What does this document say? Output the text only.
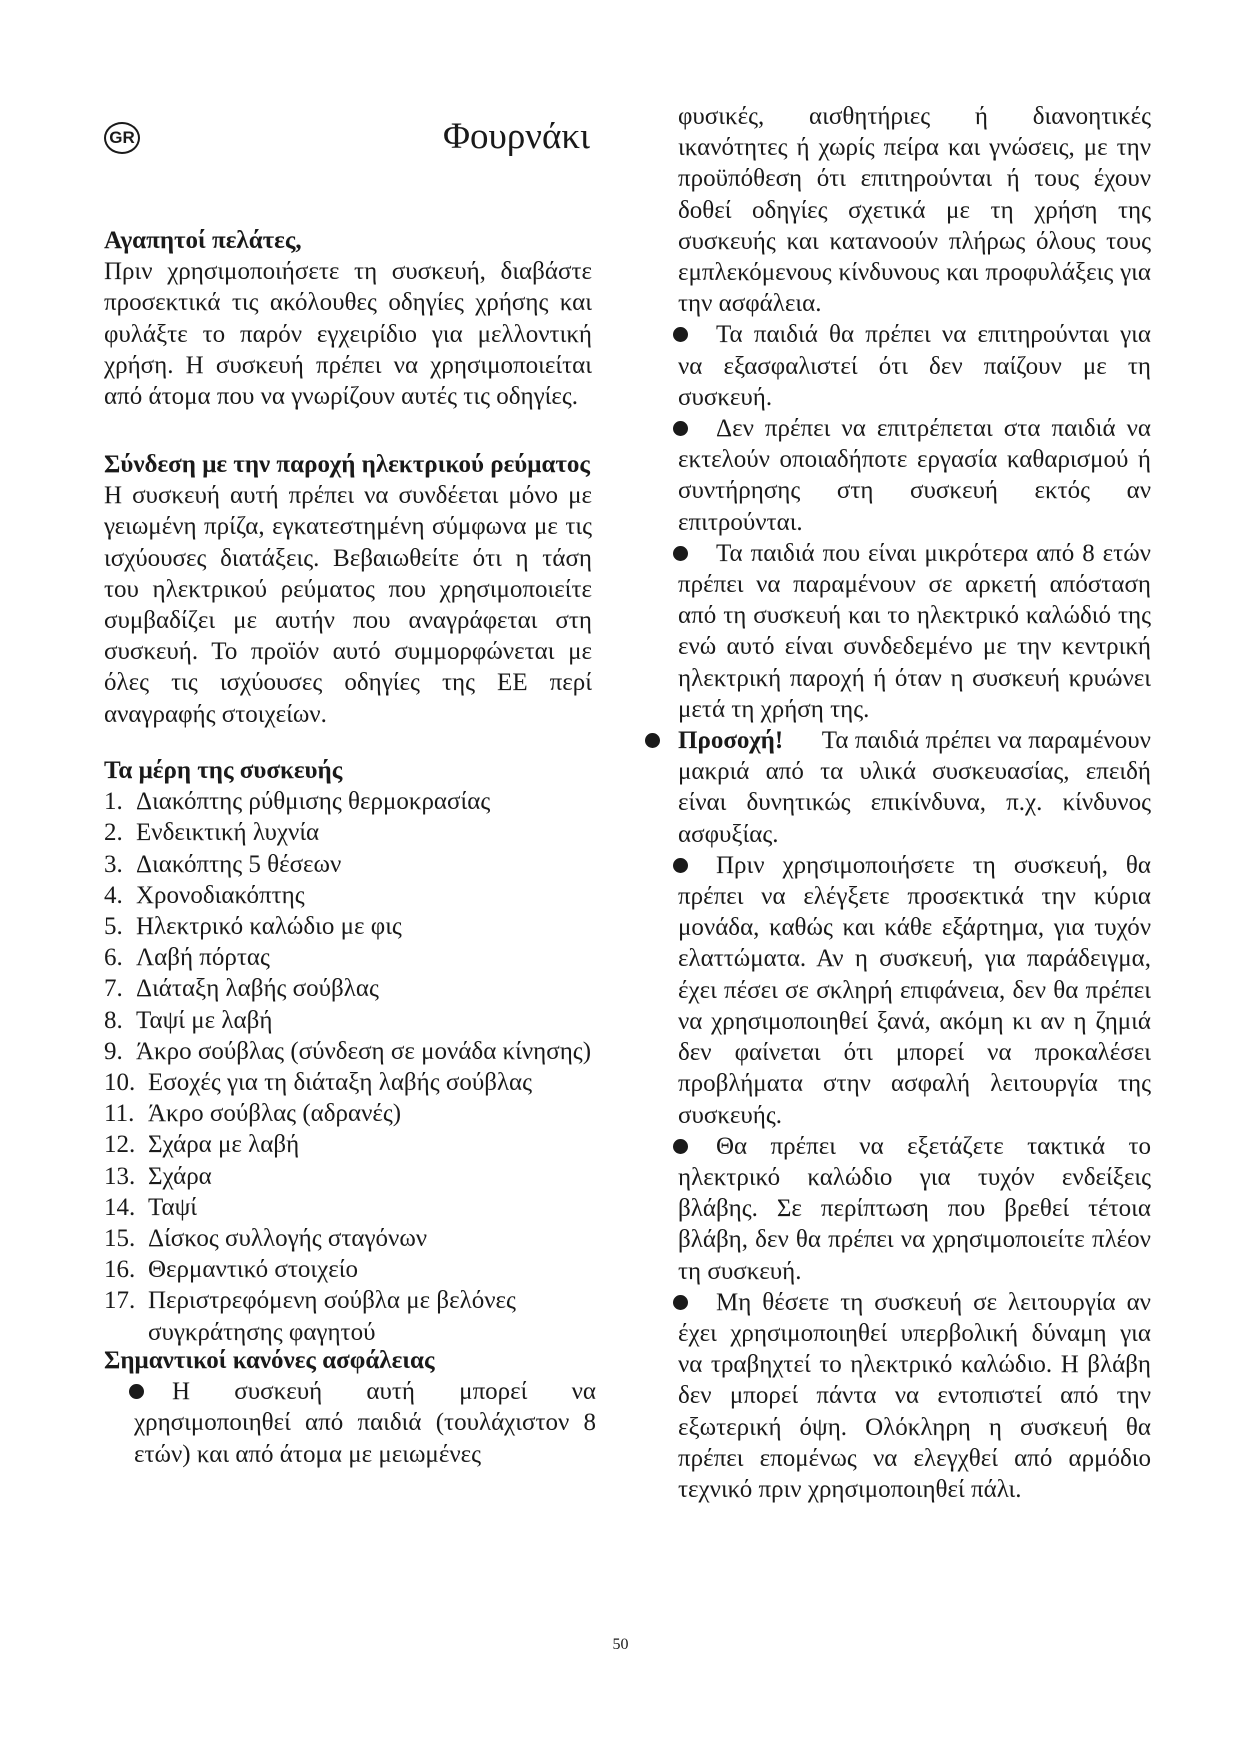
GR	Φουρνάκι

Αγαπητοί πελάτες,

Πριν χρησιμοποιήσετε τη συσκευή, διαβάστε προσεκτικά τις ακόλουθες οδηγίες χρήσης και φυλάξτε το παρόν εγχειρίδιο για μελλοντική χρήση. Η συσκευή πρέπει να χρησιμοποιείται από άτομα που να γνωρίζουν αυτές τις οδηγίες.

Σύνδεση με την παροχή ηλεκτρικού ρεύματος

Η συσκευή αυτή πρέπει να συνδέεται μόνο με γειωμένη πρίζα, εγκατεστημένη σύμφωνα με τις ισχύουσες διατάξεις. Βεβαιωθείτε ότι η τάση του ηλεκτρικού ρεύματος που χρησιμοποιείτε συμβαδίζει με αυτήν που αναγράφεται στη συσκευή. Το προϊόν αυτό συμμορφώνεται με όλες τις ισχύουσες οδηγίες της ΕΕ περί αναγραφής στοιχείων.

Τα μέρη της συσκευής

1. Διακόπτης ρύθμισης θερμοκρασίας
2. Ενδεικτική λυχνία
3. Διακόπτης 5 θέσεων
4. Χρονοδιακόπτης
5. Ηλεκτρικό καλώδιο με φις
6. Λαβή πόρτας
7. Διάταξη λαβής σούβλας
8. Ταψί με λαβή
9. Άκρο σούβλας (σύνδεση σε μονάδα κίνησης)
10. Εσοχές για τη διάταξη λαβής σούβλας
11. Άκρο σούβλας (αδρανές)
12. Σχάρα με λαβή
13. Σχάρα
14. Ταψί
15. Δίσκος συλλογής σταγόνων
16. Θερμαντικό στοιχείο
17. Περιστρεφόμενη σούβλα με βελόνες συγκράτησης φαγητού

Σημαντικοί κανόνες ασφάλειας

Η συσκευή αυτή μπορεί να χρησιμοποιηθεί από παιδιά (τουλάχιστον 8 ετών) και από άτομα με μειωμένες

φυσικές, αισθητήριες ή διανοητικές ικανότητες ή χωρίς πείρα και γνώσεις, με την προϋπόθεση ότι επιτηρούνται ή τους έχουν δοθεί οδηγίες σχετικά με τη χρήση της συσκευής και κατανοούν πλήρως όλους τους εμπλεκόμενους κίνδυνους και προφυλάξεις για την ασφάλεια.

Τα παιδιά θα πρέπει να επιτηρούνται για να εξασφαλιστεί ότι δεν παίζουν με τη συσκευή.
Δεν πρέπει να επιτρέπεται στα παιδιά να εκτελούν οποιαδήποτε εργασία καθαρισμού ή συντήρησης στη συσκευή εκτός αν επιτρούνται.
Τα παιδιά που είναι μικρότερα από 8 ετών πρέπει να παραμένουν σε αρκετή απόσταση από τη συσκευή και το ηλεκτρικό καλώδιό της ενώ αυτό είναι συνδεδεμένο με την κεντρική ηλεκτρική παροχή ή όταν η συσκευή κρυώνει μετά τη χρήση της.
Προσοχή! Τα παιδιά πρέπει να παραμένουν μακριά από τα υλικά συσκευασίας, επειδή είναι δυνητικώς επικίνδυνα, π.χ. κίνδυνος ασφυξίας.
Πριν χρησιμοποιήσετε τη συσκευή, θα πρέπει να ελέγξετε προσεκτικά την κύρια μονάδα, καθώς και κάθε εξάρτημα, για τυχόν ελαττώματα. Αν η συσκευή, για παράδειγμα, έχει πέσει σε σκληρή επιφάνεια, δεν θα πρέπει να χρησιμοποιηθεί ξανά, ακόμη κι αν η ζημιά δεν φαίνεται ότι μπορεί να προκαλέσει προβλήματα στην ασφαλή λειτουργία της συσκευής.
Θα πρέπει να εξετάζετε τακτικά το ηλεκτρικό καλώδιο για τυχόν ενδείξεις βλάβης. Σε περίπτωση που βρεθεί τέτοια βλάβη, δεν θα πρέπει να χρησιμοποιείτε πλέον τη συσκευή.
Μη θέσετε τη συσκευή σε λειτουργία αν έχει χρησιμοποιηθεί υπερβολική δύναμη για να τραβηχτεί το ηλεκτρικό καλώδιο. Η βλάβη δεν μπορεί πάντα να εντοπιστεί από την εξωτερική όψη. Ολόκληρη η συσκευή θα πρέπει επομένως να ελεγχθεί από αρμόδιο τεχνικό πριν χρησιμοποιηθεί πάλι.

50
